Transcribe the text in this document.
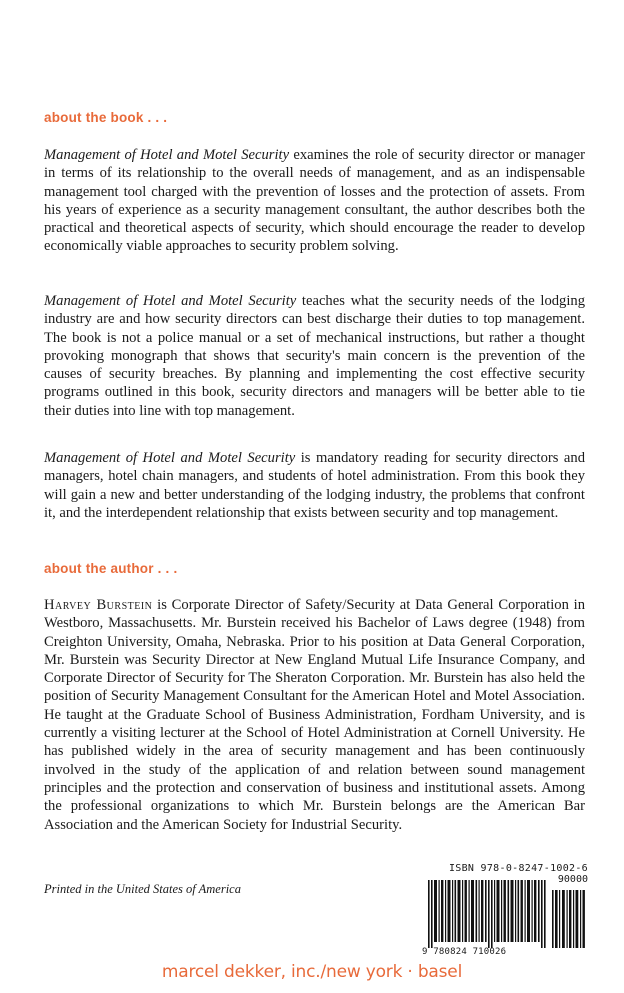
about the book . . .

Management of Hotel and Motel Security examines the role of security director or manager in terms of its relationship to the overall needs of management, and as an indispensable management tool charged with the prevention of losses and the protection of assets. From his years of experience as a security management consultant, the author describes both the practical and theoretical aspects of security, which should encourage the reader to develop economically viable approaches to security problem solving.

Management of Hotel and Motel Security teaches what the security needs of the lodging industry are and how security directors can best discharge their duties to top management. The book is not a police manual or a set of mechanical instructions, but rather a thought provoking monograph that shows that security's main concern is the prevention of the causes of security breaches. By planning and implementing the cost effective security programs outlined in this book, security directors and managers will be better able to tie their duties into line with top management.

Management of Hotel and Motel Security is mandatory reading for security directors and managers, hotel chain managers, and students of hotel administration. From this book they will gain a new and better understanding of the lodging industry, the problems that confront it, and the interdependent relationship that exists between security and top management.

about the author . . .

Harvey Burstein is Corporate Director of Safety/Security at Data General Corporation in Westboro, Massachusetts. Mr. Burstein received his Bachelor of Laws degree (1948) from Creighton University, Omaha, Nebraska. Prior to his position at Data General Corporation, Mr. Burstein was Security Director at New England Mutual Life Insurance Company, and Corporate Director of Security for The Sheraton Corporation. Mr. Burstein has also held the position of Security Management Consultant for the American Hotel and Motel Association. He taught at the Graduate School of Business Administration, Fordham University, and is currently a visiting lecturer at the School of Hotel Administration at Cornell University. He has published widely in the area of security management and has been continuously involved in the study of the application of and relation between sound management principles and the protection and conservation of business and institutional assets. Among the professional organizations to which Mr. Burstein belongs are the American Bar Association and the American Society for Industrial Security.

Printed in the United States of America
ISBN 978-0-8247-1002-6
90000
9 780824 710026
marcel dekker, inc./new york · basel
